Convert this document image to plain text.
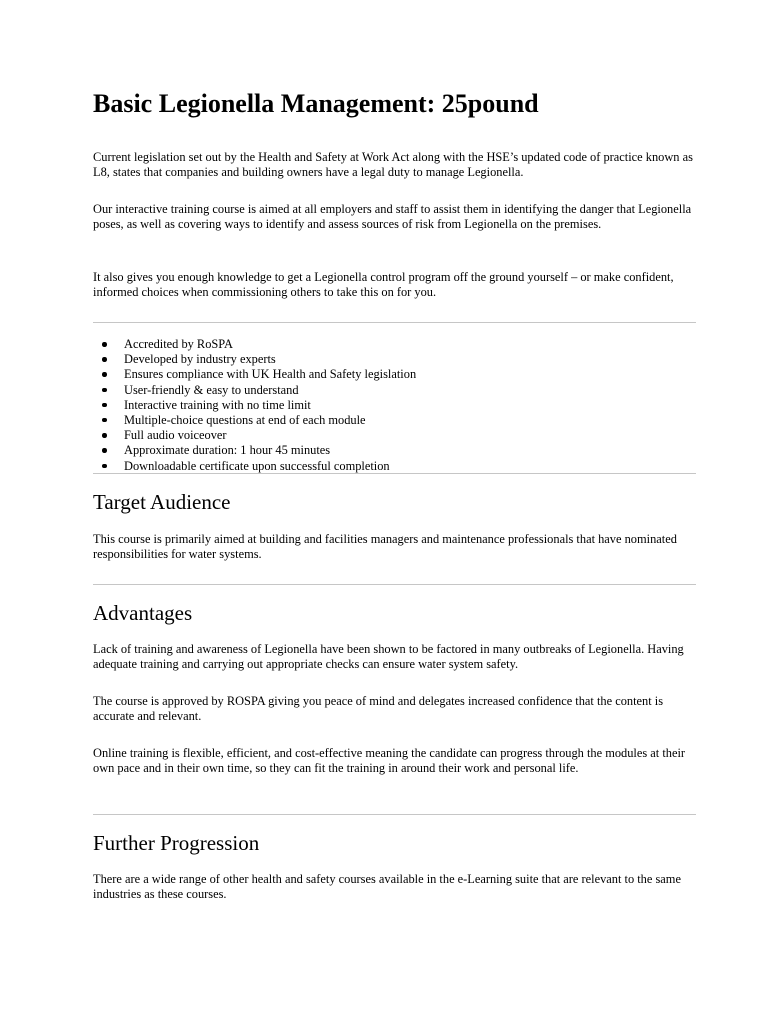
Basic Legionella Management: 25pound

Current legislation set out by the Health and Safety at Work Act along with the HSE’s updated code of practice known as L8, states that companies and building owners have a legal duty to manage Legionella.

Our interactive training course is aimed at all employers and staff to assist them in identifying the danger that Legionella poses, as well as covering ways to identify and assess sources of risk from Legionella on the premises.

It also gives you enough knowledge to get a Legionella control program off the ground yourself – or make confident, informed choices when commissioning others to take this on for you.

Accredited by RoSPA
Developed by industry experts
Ensures compliance with UK Health and Safety legislation
User-friendly & easy to understand
Interactive training with no time limit
Multiple-choice questions at end of each module
Full audio voiceover
Approximate duration: 1 hour 45 minutes
Downloadable certificate upon successful completion
Target Audience

This course is primarily aimed at building and facilities managers and maintenance professionals that have nominated responsibilities for water systems.

Advantages

Lack of training and awareness of Legionella have been shown to be factored in many outbreaks of Legionella. Having adequate training and carrying out appropriate checks can ensure water system safety.

The course is approved by ROSPA giving you peace of mind and delegates increased confidence that the content is accurate and relevant.

Online training is flexible, efficient, and cost-effective meaning the candidate can progress through the modules at their own pace and in their own time, so they can fit the training in around their work and personal life.

Further Progression

There are a wide range of other health and safety courses available in the e-Learning suite that are relevant to the same industries as these courses.
